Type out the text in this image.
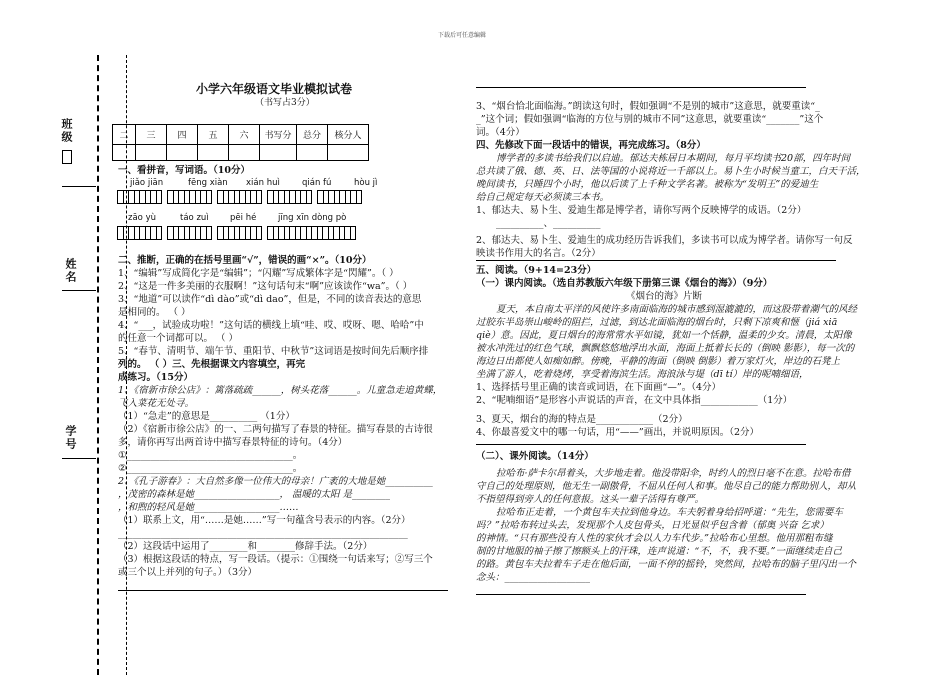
下载后可任意编辑
班级
姓名
学号
小学六年级语文毕业模拟试卷
（书写占3分）
二	三	四	五	六	书写分	总分	核分人

一、看拼音，写词语。（10分）
jiǎo jiān	fēng xiàn	xián huì	qián fú	hòu jì
zāo yù	táo zuì	pēi hé	jīng xīn dòng pò
二、推断，正确的在括号里画“√”，错误的画“×”。（10分）
1、“编辑”写成简化字是“编辑”；“闪耀”写成繁体字是“閃耀”。（ ）
2、“这是一件多美丽的衣服啊！”这句话句末“啊”应该读作“wa”。（ ）
3、“地道”可以读作“dì dào”或“dì dao”，但是，不同的读音表达的意思
是相同的。 （ ）
4、“___，试验成功啦！”这句话的横线上填“哇、哎、哎呀、嗯、哈哈”中
的任意一个词都可以。 （ ）
5、“春节、清明节、端午节、重阳节、中秋节”这词语是按时间先后顺序排
列的。 （ ）三、先根据课文内容填空，再完
成练习。（15分）
1、《宿新市徐公店》：篱落疏疏______，树头花落______。儿童急走追黄蝶，
飞入菜花无处寻。
（1）“急走”的意思是__________ （1分）
（2）《宿新市徐公店》的一、二两句描写了春景的特征。描写春景的古诗很
多，请你再写出两首诗中描写春景特征的诗句。（4分）
①___________________________________。
②___________________________________。
2、《孔子游春》：大自然多像一位伟大的母亲！广袤的大地是她__________
，茂密的森林是她__________________， 温暖的太阳 是________
，和煦的轻风是她__________________……
（1）联系上文，用“……是她……”写一句蕴含号表示的内容。（2分）
_____________________________________________________________
（2）这段话中运用了________和________修辞手法。（2分）
（3）根据这段话的特点，写一段话。（提示：①围绕一句话来写；②写三个
或三个以上并列的句子。）（3分）
3、“烟台恰北面临海。”朗读这句时，假如强调“不是别的城市”这意思，就要重读“_
_”这个词；假如强调“临海的方位与别的城市不同”这意思，就要重读“_______”这个
词。（4分）
四、先修改下面一段话中的错误，再完成练习。（8分）
博学者的多读书给我们以启迪。郁达夫栋居日本期间，每月平均读书20部，四年时间
总共读了俄、德、英、日、法等国的小说将近一千部以上。易卜生小时候当童工，白天干活，
晚间读书，只睡四个小时，他以后读了上千种文学名著。被称为“发明王”的爱迪生
给自己规定每天必须读三本书。
1、郁达夫、易卜生、爱迪生都是博学者，请你写两个反映博学的成语。（2分）
__________、__________
2、郁达夫、易卜生、爱迪生的成功经历告诉我们，多读书可以成为博学者。请你写一句反
映读书作用大的名言。（2分）
五、阅读。（9+14=23分）
（一）课内阅读。（选自苏教版六年级下册第三课《烟台的海》）（9分）
《烟台的海》片断
夏天，本自南太平洋的风使许多南面临海的城市感到湿漉漉的，而这股带着潮气的风经
过胶东半岛崇山峻岭的阻拦，过滤，到达北面临海的烟台时，只剩下凉爽和惬（jiá xiā
qiè）意。因此，夏日烟台的海常常水平如镜，犹如一个恬静，温柔的少女。清晨，太阳像
被水冲洗过的红色气球，飘飘悠悠地浮出水面，海面上抵着长长的（倒映 影影），每一次的
海边日出都使人如痴如醉。傍晚，平静的海面（倒映 倒影）着万家灯火，岸边的石凳上
坐满了游人，吃着烧烤，享受着海滨生活。海浪泳与堤（dī tí）岸的呢喃细语，
1、选择括号里正确的读音或词语，在下面画“—”。（4分）
2、“呢喃细语”是形容小声说话的声音，在文中具体指____________（1分）
3、夏天，烟台的海的特点是____________（2分）
4、你最喜爱文中的哪一句话，用“——”画出，并说明原因。（2分）
（二）、课外阅读。（14分）
拉哈布·萨卡尔昂着头，大步地走着。他没带阳伞，时约人的烈日毫不在意。拉哈布借
守自己的处理原则，他无生一副傲骨，不屈从任何人和事。他尽自己的能力帮助别人，却从
不指望得到旁人的任何意报。这头一辈子活得有尊严。
拉哈布正走着，一个黄包车夫拉到他身边。车夫躬着身给招呼道：“先生，您需要车
吗？”拉哈布转过头去，发现那个人皮包骨头，日光显似乎包含着（郁奥 兴奋 乞求）
的神情。“只有那些没有人性的家伙才会以人力车代步。”拉哈布心里想。他用那粗布缝
制的甘地服的袖子擦了擦额头上的汗珠，连声说道：“不，不，我不要。”一面继续走自己
的路。黄包车夫拉着车子走在他后面，一面不停的摇铃，突然间，拉哈布的脑子里闪出一个
念头：__________________
